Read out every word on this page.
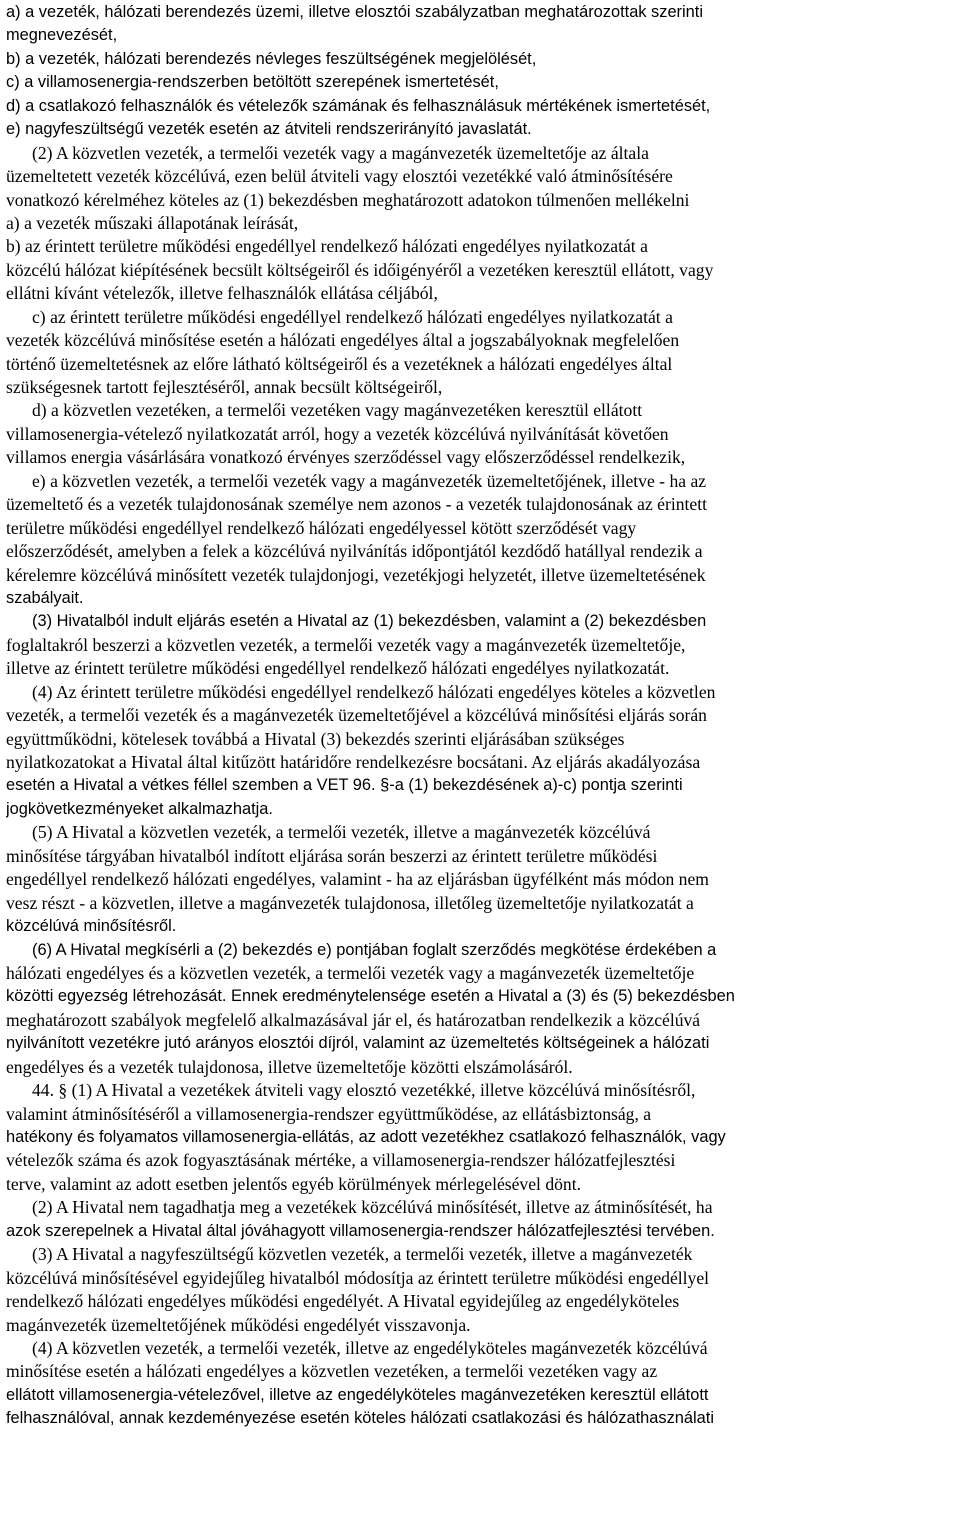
a) a vezeték, hálózati berendezés üzemi, illetve elosztói szabályzatban meghatározottak szerinti
megnevezését,
b) a vezeték, hálózati berendezés névleges feszültségének megjelölését,
c) a villamosenergia-rendszerben betöltött szerepének ismertetését,
d) a csatlakozó felhasználók és vételezők számának és felhasználásuk mértékének ismertetését,
e) nagyfeszültségű vezeték esetén az átviteli rendszerirányító javaslatát.
(2) A közvetlen vezeték, a termelői vezeték vagy a magánvezeték üzemeltetője az általa
üzemeltetett vezeték közcélúvá, ezen belül átviteli vagy elosztói vezetékké való átminősítésére
vonatkozó kérelméhez köteles az (1) bekezdésben meghatározott adatokon túlmenően mellékelni
a) a vezeték műszaki állapotának leírását,
b) az érintett területre működési engedéllyel rendelkező hálózati engedélyes nyilatkozatát a
közcélú hálózat kiépítésének becsült költségeiről és időigényéről a vezetéken keresztül ellátott, vagy
ellátni kívánt vételezők, illetve felhasználók ellátása céljából,
c) az érintett területre működési engedéllyel rendelkező hálózati engedélyes nyilatkozatát a
vezeték közcélúvá minősítése esetén a hálózati engedélyes által a jogszabályoknak megfelelően
történő üzemeltetésnek az előre látható költségeiről és a vezetéknek a hálózati engedélyes által
szükségesnek tartott fejlesztéséről, annak becsült költségeiről,
d) a közvetlen vezetéken, a termelői vezetéken vagy magánvezetéken keresztül ellátott
villamosenergia-vételező nyilatkozatát arról, hogy a vezeték közcélúvá nyilvánítását követően
villamos energia vásárlására vonatkozó érvényes szerződéssel vagy előszerződéssel rendelkezik,
e) a közvetlen vezeték, a termelői vezeték vagy a magánvezeték üzemeltetőjének, illetve - ha az
üzemeltető és a vezeték tulajdonosának személye nem azonos - a vezeték tulajdonosának az érintett
területre működési engedéllyel rendelkező hálózati engedélyessel kötött szerződését vagy
előszerződését, amelyben a felek a közcélúvá nyilvánítás időpontjától kezdődő hatállyal rendezik a
kérelemre közcélúvá minősített vezeték tulajdonjogi, vezetékjogi helyzetét, illetve üzemeltetésének
szabályait.
(3) Hivatalból indult eljárás esetén a Hivatal az (1) bekezdésben, valamint a (2) bekezdésben
foglaltakról beszerzi a közvetlen vezeték, a termelői vezeték vagy a magánvezeték üzemeltetője,
illetve az érintett területre működési engedéllyel rendelkező hálózati engedélyes nyilatkozatát.
(4) Az érintett területre működési engedéllyel rendelkező hálózati engedélyes köteles a közvetlen
vezeték, a termelői vezeték és a magánvezeték üzemeltetőjével a közcélúvá minősítési eljárás során
együttműködni, kötelesek továbbá a Hivatal (3) bekezdés szerinti eljárásában szükséges
nyilatkozatokat a Hivatal által kitűzött határidőre rendelkezésre bocsátani. Az eljárás akadályozása
esetén a Hivatal a vétkes féllel szemben a VET 96. §-a (1) bekezdésének a)-c) pontja szerinti
jogkövetkezményeket alkalmazhatja.
(5) A Hivatal a közvetlen vezeték, a termelői vezeték, illetve a magánvezeték közcélúvá
minősítése tárgyában hivatalból indított eljárása során beszerzi az érintett területre működési
engedéllyel rendelkező hálózati engedélyes, valamint - ha az eljárásban ügyfélként más módon nem
vesz részt - a közvetlen, illetve a magánvezeték tulajdonosa, illetőleg üzemeltetője nyilatkozatát a
közcélúvá minősítésről.
(6) A Hivatal megkísérli a (2) bekezdés e) pontjában foglalt szerződés megkötése érdekében a
hálózati engedélyes és a közvetlen vezeték, a termelői vezeték vagy a magánvezeték üzemeltetője
közötti egyezség létrehozását. Ennek eredménytelensége esetén a Hivatal a (3) és (5) bekezdésben
meghatározott szabályok megfelelő alkalmazásával jár el, és határozatban rendelkezik a közcélúvá
nyilvánított vezetékre jutó arányos elosztói díjról, valamint az üzemeltetés költségeinek a hálózati
engedélyes és a vezeték tulajdonosa, illetve üzemeltetője közötti elszámolásáról.
44. § (1) A Hivatal a vezetékek átviteli vagy elosztó vezetékké, illetve közcélúvá minősítésről,
valamint átminősítéséről a villamosenergia-rendszer együttműködése, az ellátásbiztonság, a
hatékony és folyamatos villamosenergia-ellátás, az adott vezetékhez csatlakozó felhasználók, vagy
vételezők száma és azok fogyasztásának mértéke, a villamosenergia-rendszer hálózatfejlesztési
terve, valamint az adott esetben jelentős egyéb körülmények mérlegelésével dönt.
(2) A Hivatal nem tagadhatja meg a vezetékek közcélúvá minősítését, illetve az átminősítését, ha
azok szerepelnek a Hivatal által jóváhagyott villamosenergia-rendszer hálózatfejlesztési tervében.
(3) A Hivatal a nagyfeszültségű közvetlen vezeték, a termelői vezeték, illetve a magánvezeték
közcélúvá minősítésével egyidejűleg hivatalból módosítja az érintett területre működési engedéllyel
rendelkező hálózati engedélyes működési engedélyét. A Hivatal egyidejűleg az engedélyköteles
magánvezeték üzemeltetőjének működési engedélyét visszavonja.
(4) A közvetlen vezeték, a termelői vezeték, illetve az engedélyköteles magánvezeték közcélúvá
minősítése esetén a hálózati engedélyes a közvetlen vezetéken, a termelői vezetéken vagy az
ellátott villamosenergia-vételezővel, illetve az engedélyköteles magánvezetéken keresztül ellátott
felhasználóval, annak kezdeményezése esetén köteles hálózati csatlakozási és hálózathasználati
